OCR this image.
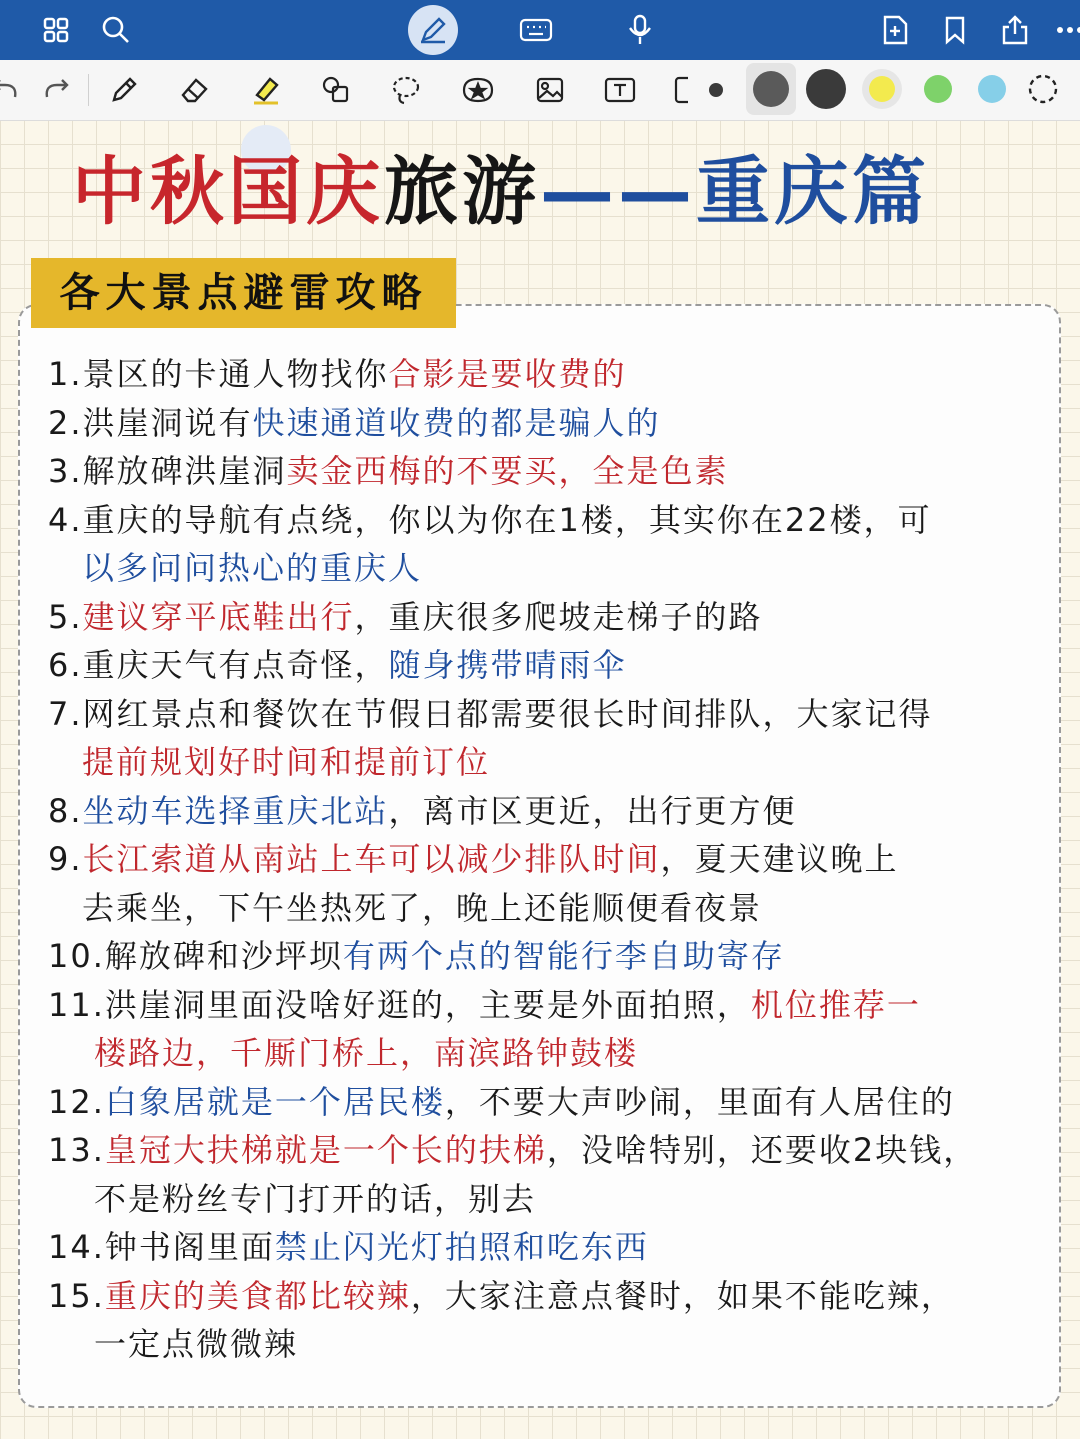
中秋国庆旅游——重庆篇
各大景点避雷攻略
1.景区的卡通人物找你合影是要收费的
2.洪崖洞说有快速通道收费的都是骗人的
3.解放碑洪崖洞卖金西梅的不要买，全是色素
4.重庆的导航有点绕，你以为你在1楼，其实你在22楼，可
以多问问热心的重庆人
5.建议穿平底鞋出行，重庆很多爬坡走梯子的路
6.重庆天气有点奇怪，随身携带晴雨伞
7.网红景点和餐饮在节假日都需要很长时间排队，大家记得
提前规划好时间和提前订位
8.坐动车选择重庆北站，离市区更近，出行更方便
9.长江索道从南站上车可以减少排队时间，夏天建议晚上
去乘坐，下午坐热死了，晚上还能顺便看夜景
10.解放碑和沙坪坝有两个点的智能行李自助寄存
11.洪崖洞里面没啥好逛的，主要是外面拍照，机位推荐一
楼路边，千厮门桥上，南滨路钟鼓楼
12.白象居就是一个居民楼，不要大声吵闹，里面有人居住的
13.皇冠大扶梯就是一个长的扶梯，没啥特别，还要收2块钱，
不是粉丝专门打开的话，别去
14.钟书阁里面禁止闪光灯拍照和吃东西
15.重庆的美食都比较辣，大家注意点餐时，如果不能吃辣，
一定点微微辣
